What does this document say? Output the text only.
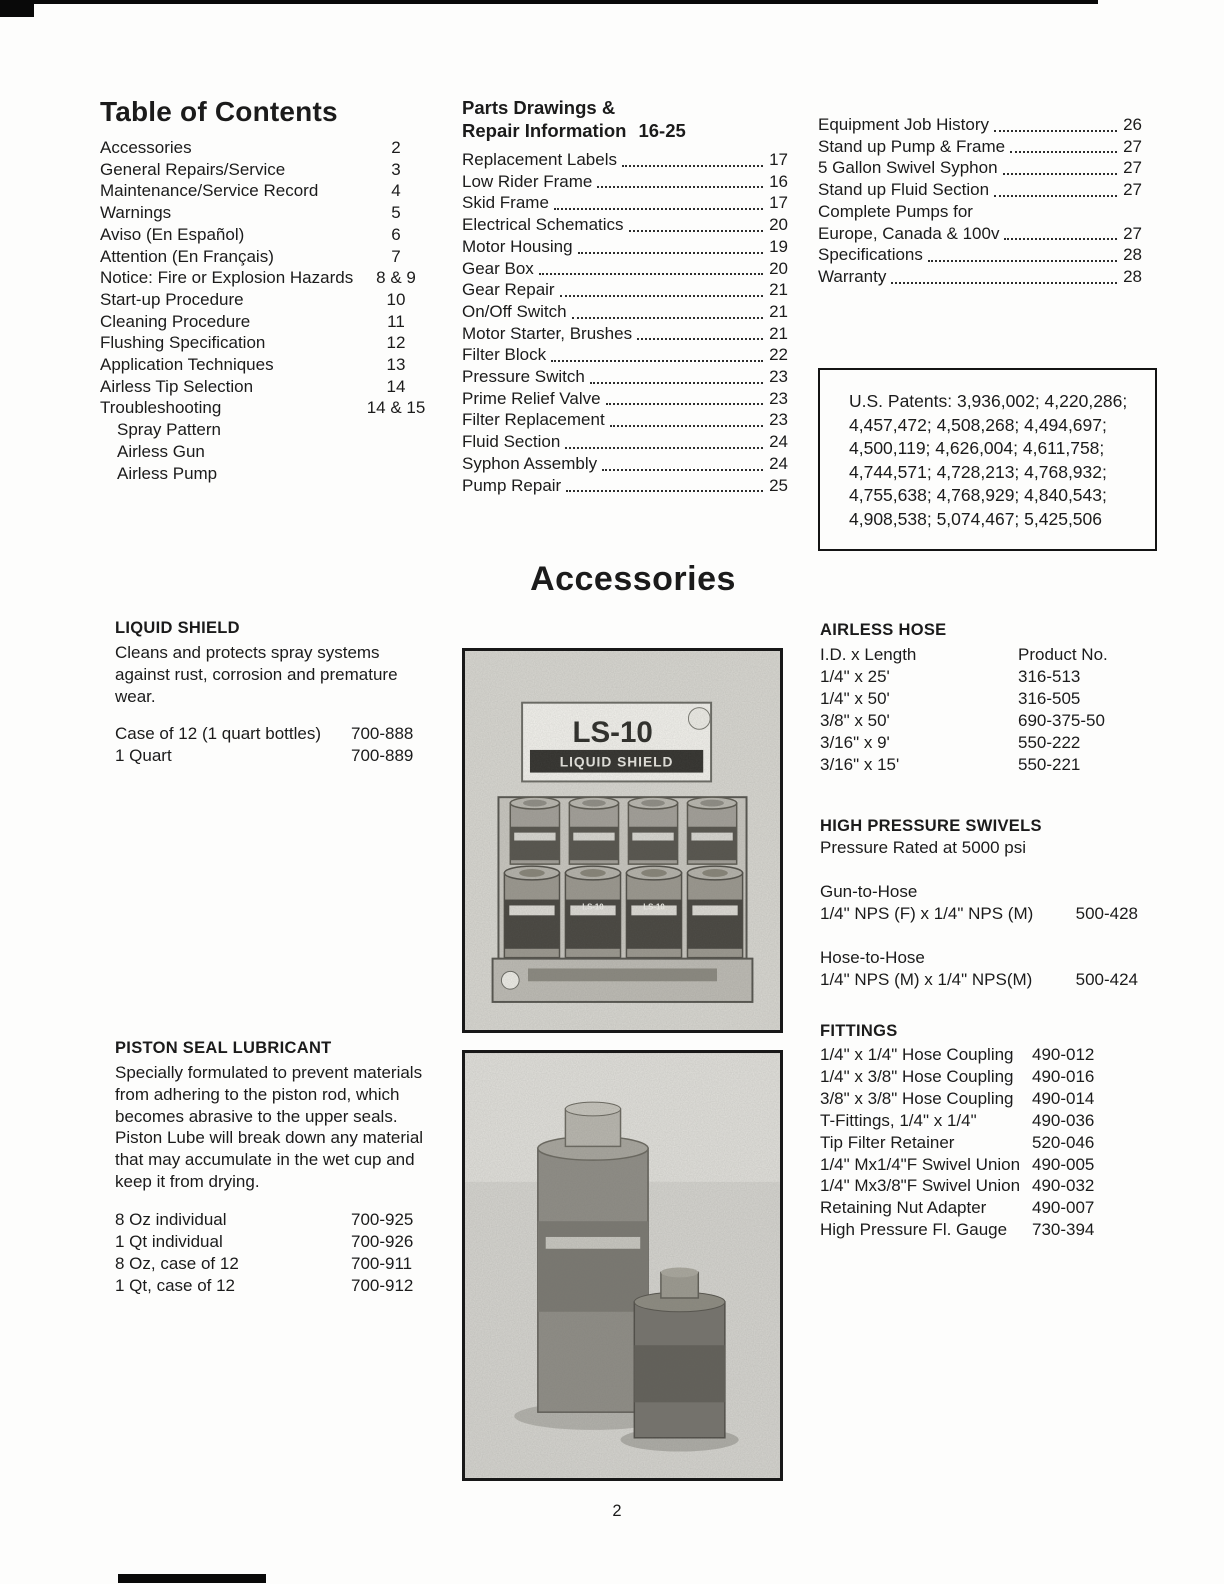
Table of Contents
Accessories	2
General Repairs/Service	3
Maintenance/Service Record	4
Warnings	5
Aviso (En Español)	6
Attention (En Français)	7
Notice: Fire or Explosion Hazards	8 & 9
Start-up Procedure	10
Cleaning Procedure	11
Flushing Specification	12
Application Techniques	13
Airless Tip Selection	14
Troubleshooting	14 & 15
Spray Pattern
Airless Gun
Airless Pump
Parts Drawings &
Repair Information 16-25
Replacement Labels	17
Low Rider Frame	16
Skid Frame	17
Electrical Schematics	20
Motor Housing	19
Gear Box	20
Gear Repair	21
On/Off Switch	21
Motor Starter, Brushes	21
Filter Block	22
Pressure Switch	23
Prime Relief Valve	23
Filter Replacement	23
Fluid Section	24
Syphon Assembly	24
Pump Repair	25
Equipment Job History	26
Stand up Pump & Frame	27
5 Gallon Swivel Syphon	27
Stand up Fluid Section	27
Complete Pumps for
Europe, Canada & 100v	27
Specifications	28
Warranty	28
U.S. Patents: 3,936,002; 4,220,286;
4,457,472; 4,508,268; 4,494,697;
4,500,119; 4,626,004; 4,611,758;
4,744,571; 4,728,213; 4,768,932;
4,755,638; 4,768,929; 4,840,543;
4,908,538; 5,074,467; 5,425,506
Accessories
LIQUID SHIELD
Cleans and protects spray systems against rust, corrosion and premature wear.
Case of 12 (1 quart bottles)	700-888
1 Quart	700-889
PISTON SEAL LUBRICANT
Specially formulated to prevent materials from adhering to the piston rod, which becomes abrasive to the upper seals. Piston Lube will break down any material that may accumulate in the wet cup and keep it from drying.
8 Oz individual	700-925
1 Qt individual	700-926
8 Oz, case of 12	700-911
1 Qt, case of 12	700-912
AIRLESS HOSE
I.D. x Length	Product No.
1/4" x 25'	316-513
1/4" x 50'	316-505
3/8" x 50'	690-375-50
3/16" x 9'	550-222
3/16" x 15'	550-221
HIGH PRESSURE SWIVELS
Pressure Rated at 5000 psi
Gun-to-Hose
1/4" NPS (F) x 1/4" NPS (M) 500-428
Hose-to-Hose
1/4" NPS (M) x 1/4" NPS(M)	500-424
FITTINGS
1/4" x 1/4" Hose Coupling	490-012
1/4" x 3/8" Hose Coupling	490-016
3/8" x 3/8" Hose Coupling	490-014
T-Fittings, 1/4" x 1/4"	490-036
Tip Filter Retainer	520-046
1/4" Mx1/4"F Swivel Union 490-005
1/4" Mx3/8"F Swivel Union 490-032
Retaining Nut Adapter	490-007
High Pressure Fl. Gauge	730-394
2
